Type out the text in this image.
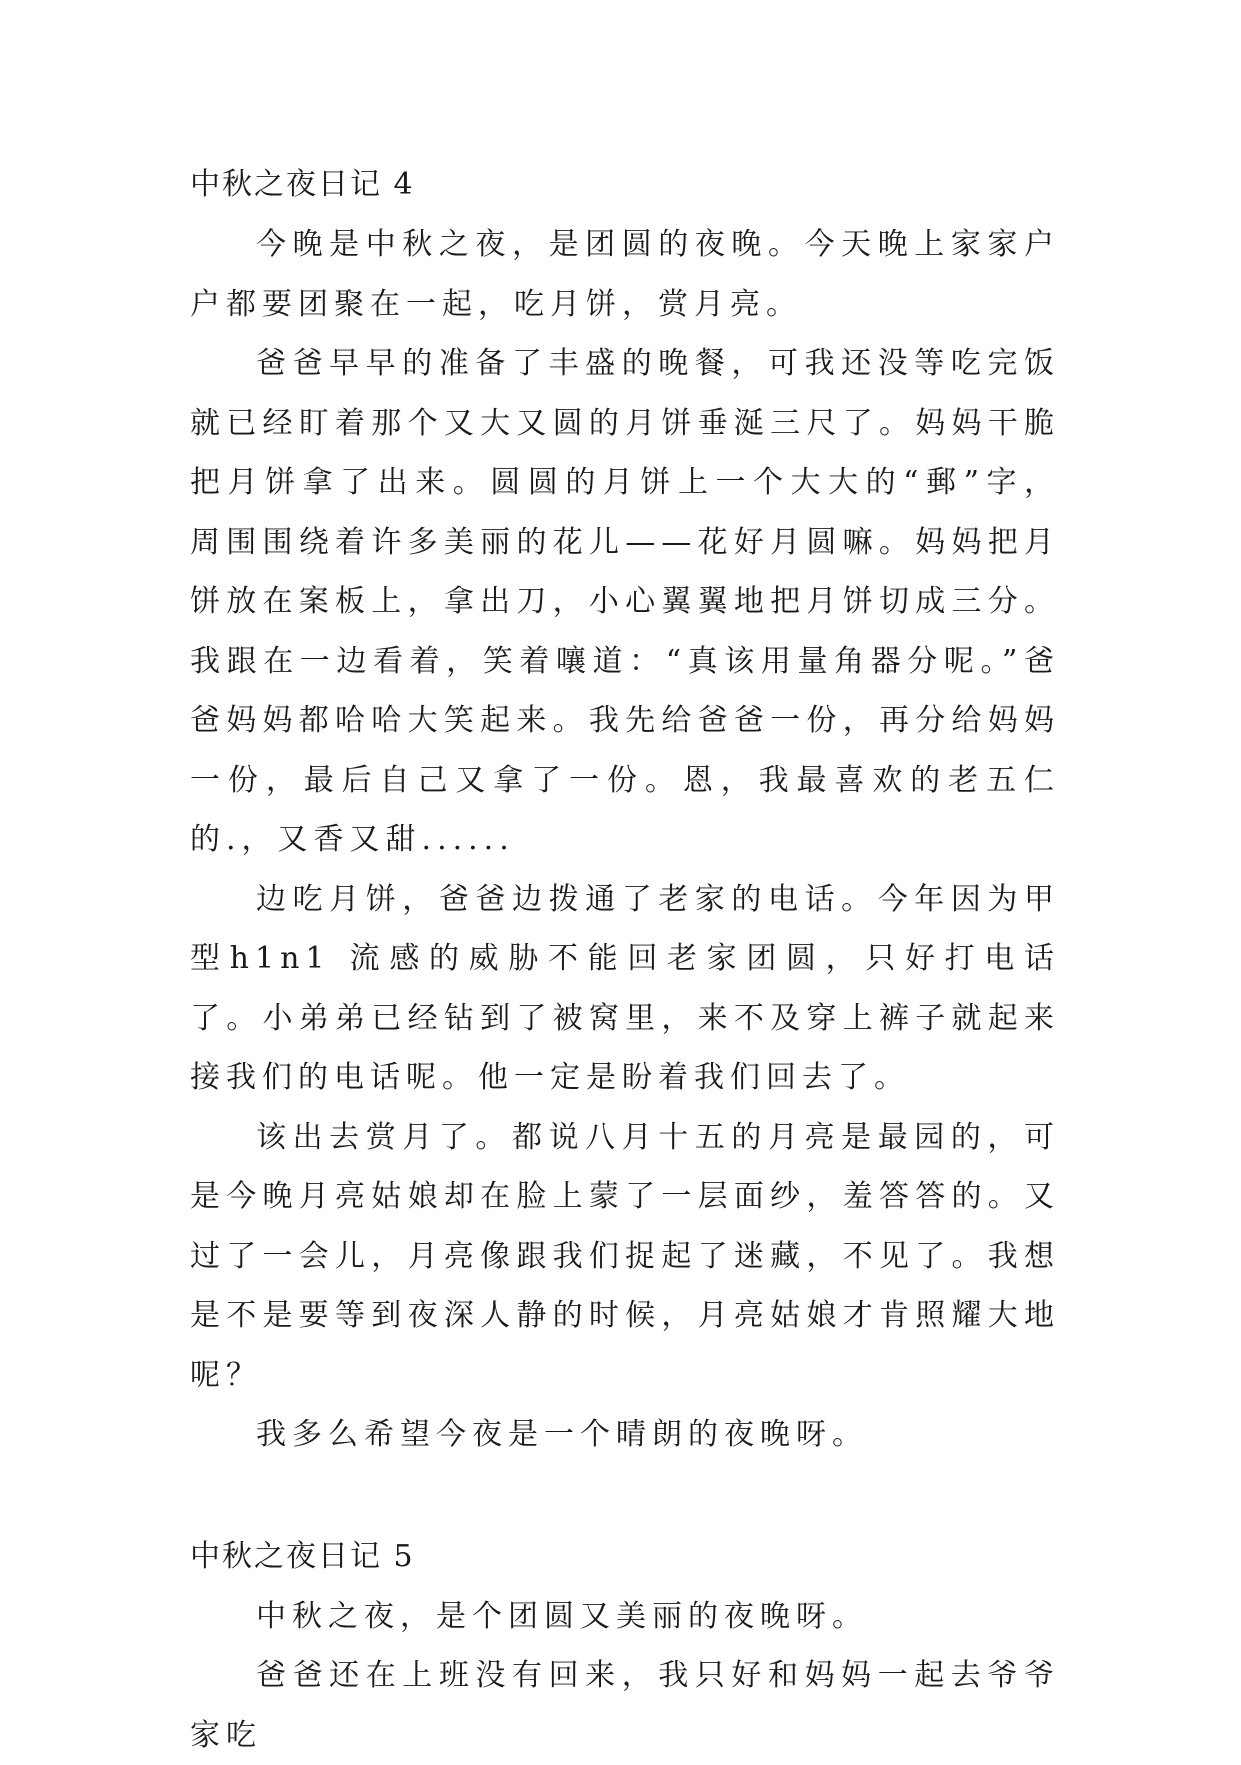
中秋之夜日记 4

今晚是中秋之夜，是团圆的夜晚。今天晚上家家户户都要团聚在一起，吃月饼，赏月亮。

爸爸早早的准备了丰盛的晚餐，可我还没等吃完饭就已经盯着那个又大又圆的月饼垂涎三尺了。妈妈干脆把月饼拿了出来。圆圆的月饼上一个大大的“郵”字，周围围绕着许多美丽的花儿——花好月圆嘛。妈妈把月饼放在案板上，拿出刀，小心翼翼地把月饼切成三分。我跟在一边看着，笑着嚷道：“真该用量角器分呢。”爸爸妈妈都哈哈大笑起来。我先给爸爸一份，再分给妈妈一份，最后自己又拿了一份。恩，我最喜欢的老五仁的.，又香又甜......

边吃月饼，爸爸边拨通了老家的电话。今年因为甲型h1n1 流感的威胁不能回老家团圆，只好打电话了。小弟弟已经钻到了被窝里，来不及穿上裤子就起来接我们的电话呢。他一定是盼着我们回去了。

该出去赏月了。都说八月十五的月亮是最园的，可是今晚月亮姑娘却在脸上蒙了一层面纱，羞答答的。又过了一会儿，月亮像跟我们捉起了迷藏，不见了。我想是不是要等到夜深人静的时候，月亮姑娘才肯照耀大地呢？

我多么希望今夜是一个晴朗的夜晚呀。

中秋之夜日记 5

中秋之夜，是个团圆又美丽的夜晚呀。

爸爸还在上班没有回来，我只好和妈妈一起去爷爷家吃
